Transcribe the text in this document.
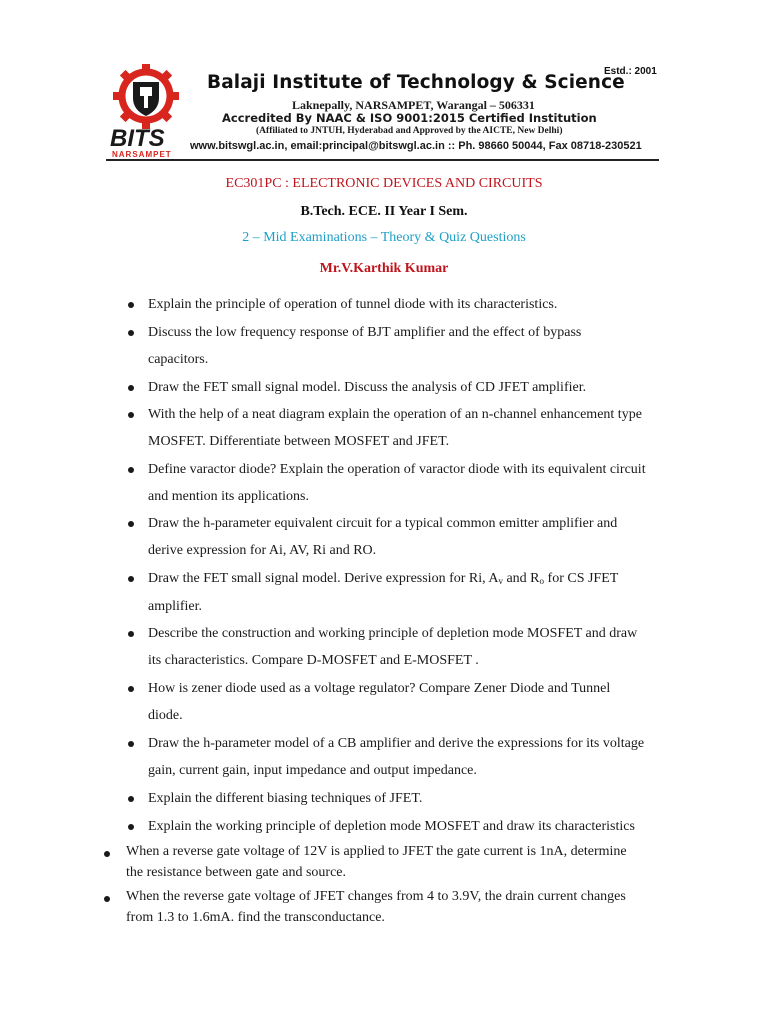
Estd.: 2001
BITS
NARSAMPET
Balaji Institute of Technology & Science
Laknepally, NARSAMPET, Warangal – 506331
Accredited By NAAC & ISO 9001:2015 Certified Institution
(Affiliated to JNTUH, Hyderabad and Approved by the AICTE, New Delhi)
www.bitswgl.ac.in, email:principal@bitswgl.ac.in :: Ph. 98660 50044, Fax 08718-230521
EC301PC : ELECTRONIC DEVICES AND CIRCUITS
B.Tech. ECE. II Year I Sem.
2 – Mid Examinations – Theory & Quiz Questions
Mr.V.Karthik Kumar
Explain the principle of operation of tunnel diode with its characteristics.
Discuss the low frequency response of BJT amplifier and the effect of bypass
capacitors.
Draw the FET small signal model. Discuss the analysis of CD JFET amplifier.
With the help of a neat diagram explain the operation of an n-channel enhancement type
MOSFET. Differentiate between MOSFET and JFET.
Define varactor diode? Explain the operation of varactor diode with its equivalent circuit
and mention its applications.
Draw the h-parameter equivalent circuit for a typical common emitter amplifier and
derive expression for Ai, AV, Ri and RO.
Draw the FET small signal model. Derive expression for Ri, Av and Ro for CS JFET
amplifier.
Describe the construction and working principle of depletion mode MOSFET and draw
its characteristics. Compare D-MOSFET and E-MOSFET .
How is zener diode used as a voltage regulator? Compare Zener Diode and Tunnel
diode.
Draw the h-parameter model of a CB amplifier and derive the expressions for its voltage
gain, current gain, input impedance and output impedance.
Explain the different biasing techniques of JFET.
Explain the working principle of depletion mode MOSFET and draw its characteristics
When a reverse gate voltage of 12V is applied to JFET the gate current is 1nA, determine
the resistance between gate and source.
When the reverse gate voltage of JFET changes from 4 to 3.9V, the drain current changes
from 1.3 to 1.6mA. find the transconductance.
